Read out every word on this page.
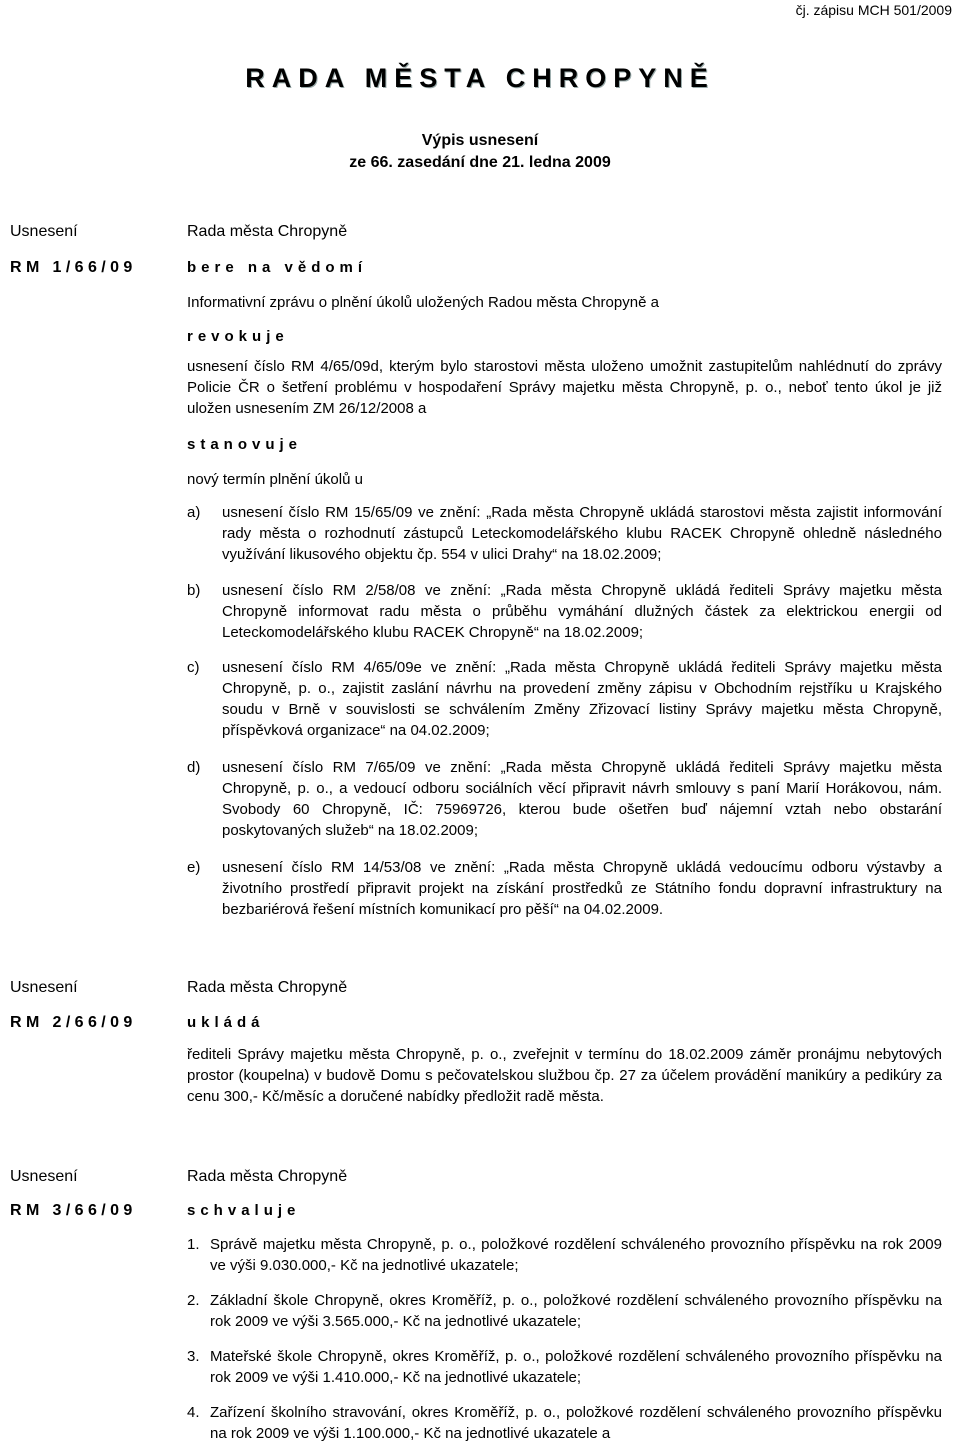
čj. zápisu MCH 501/2009
RADA MĚSTA CHROPYNĚ
Výpis usnesení
ze 66. zasedání dne 21. ledna 2009
Usnesení
RM 1/66/09
Rada města Chropyně
bere na vědomí
Informativní zprávu o plnění úkolů uložených Radou města Chropyně a
revokuje
usnesení číslo RM 4/65/09d, kterým bylo starostovi města uloženo umožnit zastupitelům nahlédnutí do zprávy Policie ČR o šetření problému v hospodaření Správy majetku města Chropyně, p. o., neboť tento úkol je již uložen usnesením ZM 26/12/2008 a
stanovuje
nový termín plnění úkolů u
a) usnesení číslo RM 15/65/09 ve znění: „Rada města Chropyně ukládá starostovi města zajistit informování rady města o rozhodnutí zástupců Leteckomodelářského klubu RACEK Chropyně ohledně následného využívání likusového objektu čp. 554 v ulici Drahy“ na 18.02.2009;
b) usnesení číslo RM 2/58/08 ve znění: „Rada města Chropyně ukládá řediteli Správy majetku města Chropyně informovat radu města o průběhu vymáhání dlužných částek za elektrickou energii od Leteckomodelářského klubu RACEK Chropyně“ na 18.02.2009;
c) usnesení číslo RM 4/65/09e ve znění: „Rada města Chropyně ukládá řediteli Správy majetku města Chropyně, p. o., zajistit zaslání návrhu na provedení změny zápisu v Obchodním rejstříku u Krajského soudu v Brně v souvislosti se schválením Změny Zřizovací listiny Správy majetku města Chropyně, příspěvková organizace“ na 04.02.2009;
d) usnesení číslo RM 7/65/09 ve znění: „Rada města Chropyně ukládá řediteli Správy majetku města Chropyně, p. o., a vedoucí odboru sociálních věcí připravit návrh smlouvy s paní Marií Horákovou, nám. Svobody 60 Chropyně, IČ: 75969726, kterou bude ošetřen buď nájemní vztah nebo obstarání poskytovaných služeb“ na 18.02.2009;
e) usnesení číslo RM 14/53/08 ve znění: „Rada města Chropyně ukládá vedoucímu odboru výstavby a životního prostředí připravit projekt na získání prostředků ze Státního fondu dopravní infrastruktury na bezbariérová řešení místních komunikací pro pěší“ na 04.02.2009.
Usnesení
RM 2/66/09
Rada města Chropyně
ukládá
řediteli Správy majetku města Chropyně, p. o., zveřejnit v termínu do 18.02.2009 záměr pronájmu nebytových prostor (koupelna) v budově Domu s pečovatelskou službou čp. 27 za účelem provádění manikúry a pedikúry za cenu 300,- Kč/měsíc a doručené nabídky předložit radě města.
Usnesení
RM 3/66/09
Rada města Chropyně
schvaluje
1. Správě majetku města Chropyně, p. o., položkové rozdělení schváleného provozního příspěvku na rok 2009 ve výši 9.030.000,- Kč na jednotlivé ukazatele;
2. Základní škole Chropyně, okres Kroměříž, p. o., položkové rozdělení schváleného provozního příspěvku na rok 2009 ve výši 3.565.000,- Kč na jednotlivé ukazatele;
3. Mateřské škole Chropyně, okres Kroměříž, p. o., položkové rozdělení schváleného provozního příspěvku na rok 2009 ve výši 1.410.000,- Kč na jednotlivé ukazatele;
4. Zařízení školního stravování, okres Kroměříž, p. o., položkové rozdělení schváleného provozního příspěvku na rok 2009 ve výši 1.100.000,- Kč na jednotlivé ukazatele a
